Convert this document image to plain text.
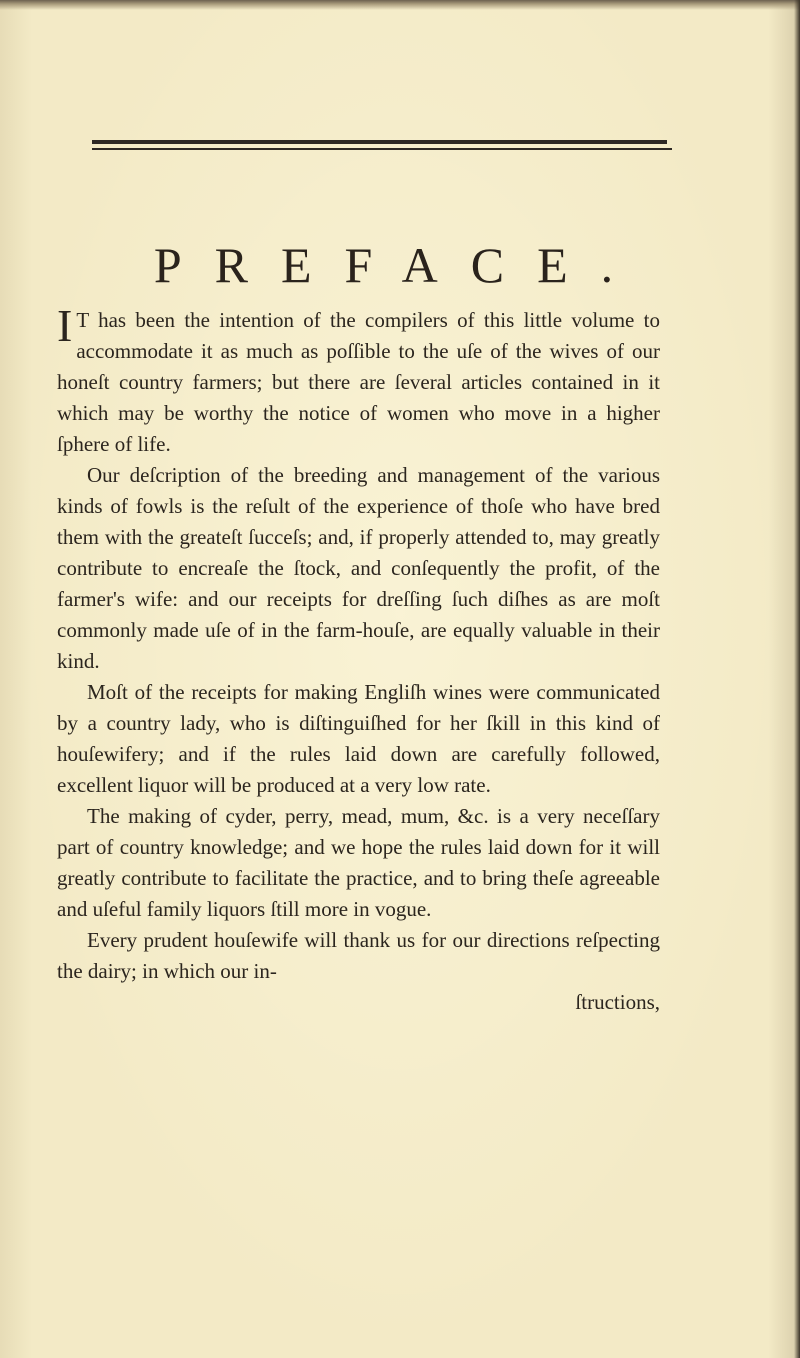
PREFACE.

I T has been the intention of the compilers of this little volume to accommodate it as much as poſſible to the uſe of the wives of our honeſt country farmers; but there are ſeveral articles contained in it which may be worthy the notice of women who move in a higher ſphere of life.

Our deſcription of the breeding and management of the various kinds of fowls is the reſult of the experience of thoſe who have bred them with the greateſt ſucceſs; and, if properly attended to, may greatly contribute to encreaſe the ſtock, and conſequently the profit, of the farmer's wife: and our receipts for dreſſing ſuch diſhes as are moſt commonly made uſe of in the farm-houſe, are equally valuable in their kind.

Moſt of the receipts for making Engliſh wines were communicated by a country lady, who is diſtinguiſhed for her ſkill in this kind of houſewifery; and if the rules laid down are carefully followed, excellent liquor will be produced at a very low rate.

The making of cyder, perry, mead, mum, &c. is a very neceſſary part of country knowledge; and we hope the rules laid down for it will greatly contribute to facilitate the practice, and to bring theſe agreeable and uſeful family liquors ſtill more in vogue.

Every prudent houſewife will thank us for our directions reſpecting the dairy; in which our in-

ſtructions,
